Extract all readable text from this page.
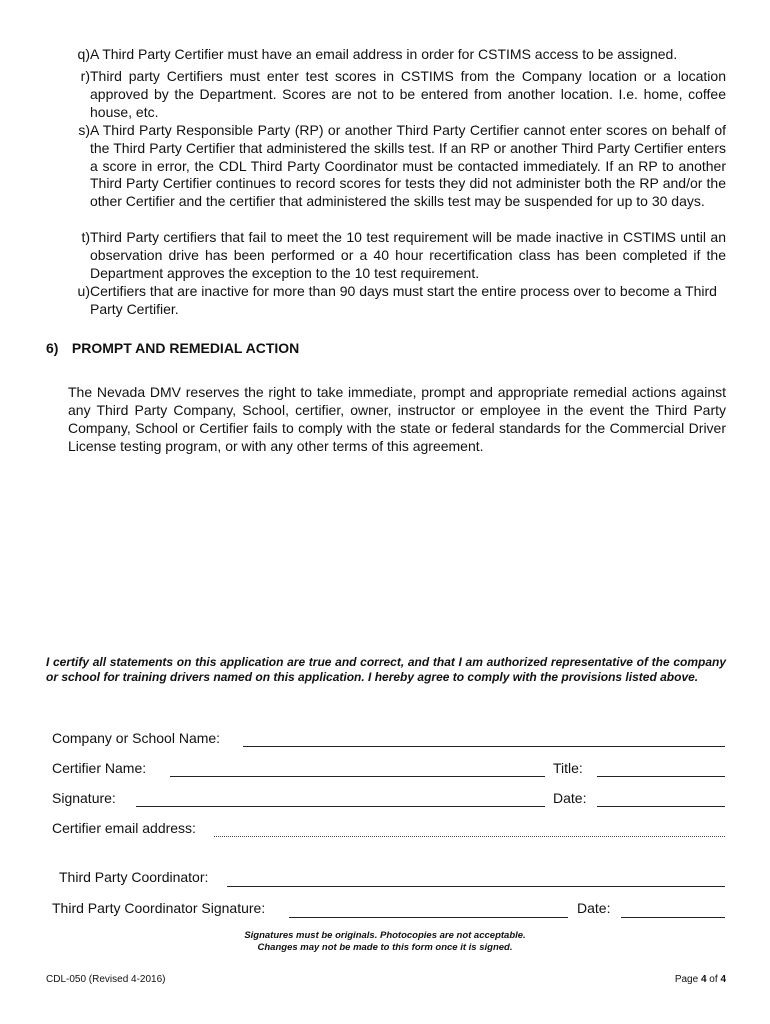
q) A Third Party Certifier must have an email address in order for CSTIMS access to be assigned.
r) Third party Certifiers must enter test scores in CSTIMS from the Company location or a location approved by the Department. Scores are not to be entered from another location. I.e. home, coffee house, etc.
s) A Third Party Responsible Party (RP) or another Third Party Certifier cannot enter scores on behalf of the Third Party Certifier that administered the skills test. If an RP or another Third Party Certifier enters a score in error, the CDL Third Party Coordinator must be contacted immediately. If an RP to another Third Party Certifier continues to record scores for tests they did not administer both the RP and/or the other Certifier and the certifier that administered the skills test may be suspended for up to 30 days.
t) Third Party certifiers that fail to meet the 10 test requirement will be made inactive in CSTIMS until an observation drive has been performed or a 40 hour recertification class has been completed if the Department approves the exception to the 10 test requirement.
u) Certifiers that are inactive for more than 90 days must start the entire process over to become a Third Party Certifier.
6) PROMPT AND REMEDIAL ACTION
The Nevada DMV reserves the right to take immediate, prompt and appropriate remedial actions against any Third Party Company, School, certifier, owner, instructor or employee in the event the Third Party Company, School or Certifier fails to comply with the state or federal standards for the Commercial Driver License testing program, or with any other terms of this agreement.
I certify all statements on this application are true and correct, and that I am authorized representative of the company or school for training drivers named on this application. I hereby agree to comply with the provisions listed above.
Company or School Name:
Certifier Name:	Title:
Signature:	Date:
Certifier email address:
Third Party Coordinator:
Third Party Coordinator Signature:	Date:
Signatures must be originals. Photocopies are not acceptable.
Changes may not be made to this form once it is signed.
CDL-050 (Revised 4-2016)	Page 4 of 4
